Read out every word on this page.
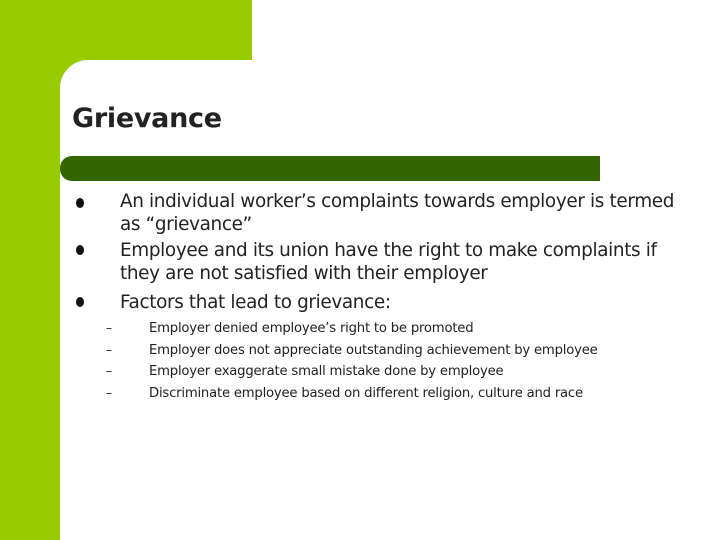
Grievance
An individual worker’s complaints towards employer is termed as “grievance”
Employee and its union have the right to make complaints if they are not satisfied with their employer
Factors that lead to grievance:
–	Employer denied employee’s right to be promoted
–	Employer does not appreciate outstanding achievement by employee
–	Employer exaggerate small mistake done by employee
–	Discriminate employee based on different religion, culture and race
